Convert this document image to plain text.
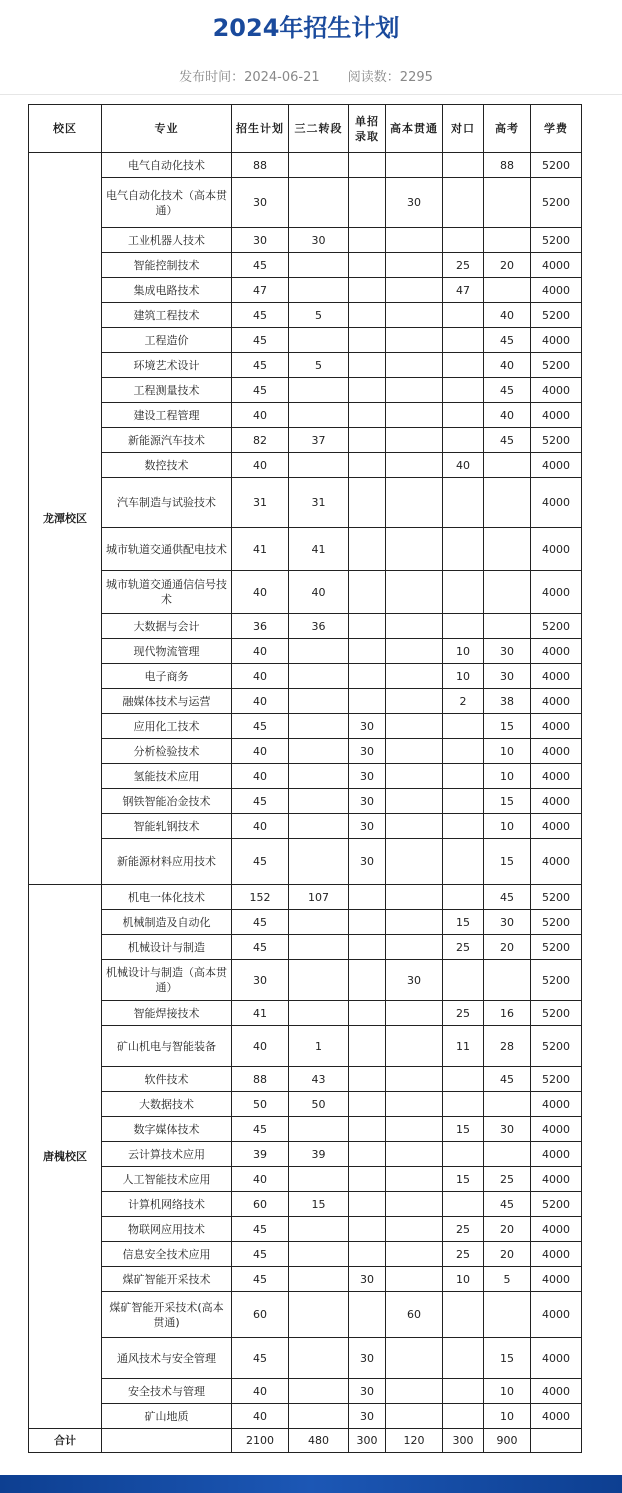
2024年招生计划
发布时间：2024-06-21 阅读数：2295
校区	专业	招生计划	三二转段	单招录取	高本贯通	对口	高考	学费
龙潭校区	电气自动化技术	88					88	5200
	电气自动化技术（高本贯通）	30			30			5200
	工业机器人技术	30	30					5200
	智能控制技术	45				25	20	4000
	集成电路技术	47				47		4000
	建筑工程技术	45	5				40	5200
	工程造价	45					45	4000
	环境艺术设计	45	5				40	5200
	工程测量技术	45					45	4000
	建设工程管理	40					40	4000
	新能源汽车技术	82	37				45	5200
	数控技术	40				40		4000
	汽车制造与试验技术	31	31					4000
	城市轨道交通供配电技术	41	41					4000
	城市轨道交通通信信号技术	40	40					4000
	大数据与会计	36	36					5200
	现代物流管理	40				10	30	4000
	电子商务	40				10	30	4000
	融媒体技术与运营	40				2	38	4000
	应用化工技术	45		30			15	4000
	分析检验技术	40		30			10	4000
	氢能技术应用	40		30			10	4000
	钢铁智能冶金技术	45		30			15	4000
	智能轧钢技术	40		30			10	4000
	新能源材料应用技术	45		30			15	4000
唐槐校区	机电一体化技术	152	107				45	5200
	机械制造及自动化	45				15	30	5200
	机械设计与制造	45				25	20	5200
	机械设计与制造（高本贯通）	30			30			5200
	智能焊接技术	41				25	16	5200
	矿山机电与智能装备	40	1			11	28	5200
	软件技术	88	43				45	5200
	大数据技术	50	50					4000
	数字媒体技术	45				15	30	4000
	云计算技术应用	39	39					4000
	人工智能技术应用	40				15	25	4000
	计算机网络技术	60	15				45	5200
	物联网应用技术	45				25	20	4000
	信息安全技术应用	45				25	20	4000
	煤矿智能开采技术	45		30		10	5	4000
	煤矿智能开采技术(高本贯通)	60			60			4000
	通风技术与安全管理	45		30			15	4000
	安全技术与管理	40		30			10	4000
	矿山地质	40		30			10	4000
合计		2100	480	300	120	300	900	
